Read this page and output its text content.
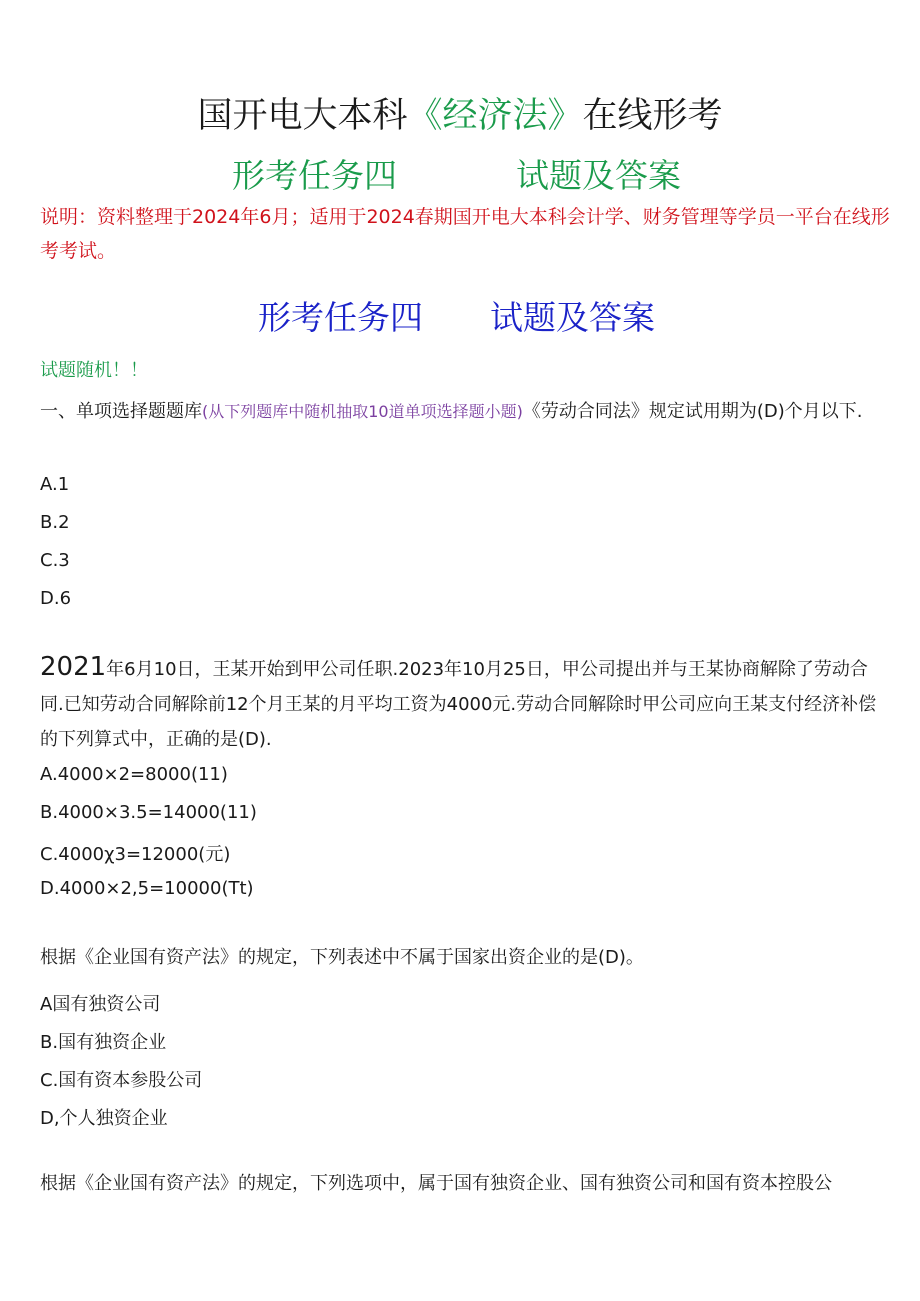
国开电大本科《经济法》在线形考
形考任务四	试题及答案
说明：资料整理于2024年6月；适用于2024春期国开电大本科会计学、财务管理等学员一平台在线形考考试。
形考任务四 试题及答案
试题随机！！
一、单项选择题题库(从下列题库中随机抽取10道单项选择题小题)《劳动合同法》规定试用期为(D)个月以下.
A.1
B.2
C.3
D.6
2021年6月10日，王某开始到甲公司任职.2023年10月25日，甲公司提出并与王某协商解除了劳动合同.已知劳动合同解除前12个月王某的月平均工资为4000元.劳动合同解除时甲公司应向王某支付经济补偿的下列算式中，正确的是(D).
A.4000×2=8000(11)
B.4000×3.5=14000(11)
C.4000χ3=12000(元)
D.4000×2,5=10000(Tt)
根据《企业国有资产法》的规定，下列表述中不属于国家出资企业的是(D)。
A国有独资公司
B.国有独资企业
C.国有资本参股公司
D,个人独资企业
根据《企业国有资产法》的规定，下列选项中，属于国有独资企业、国有独资公司和国有资本控股公
